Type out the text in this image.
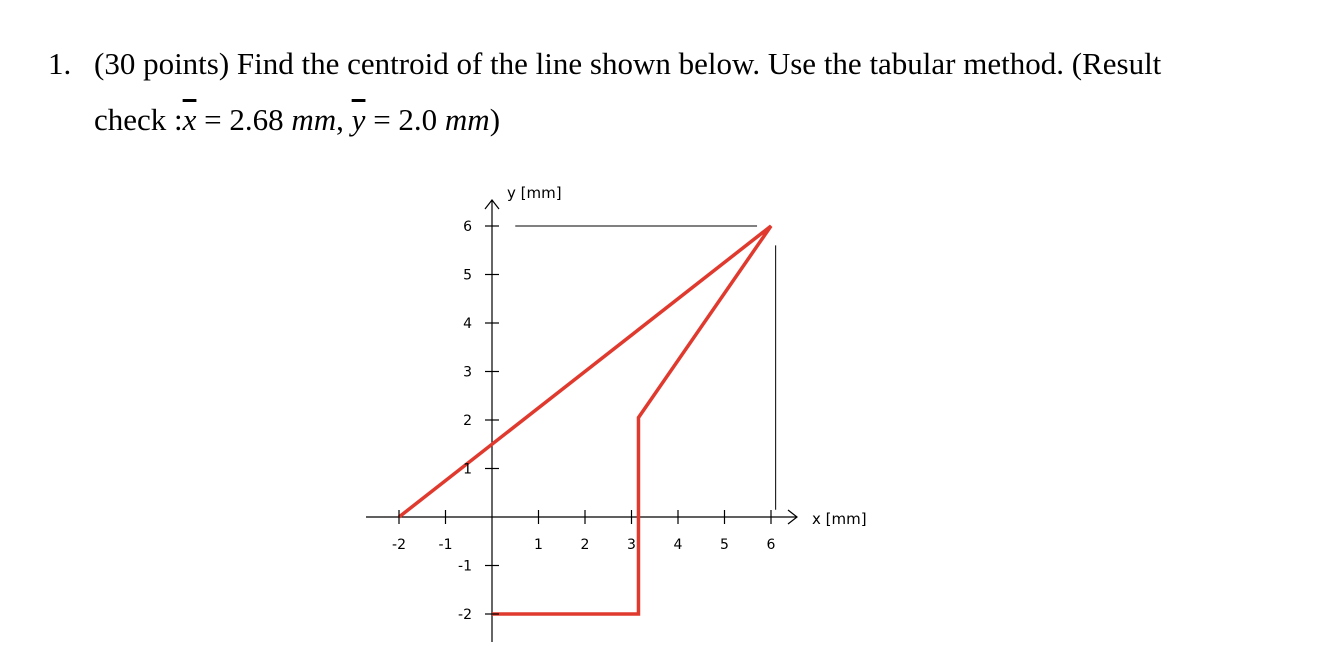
1. (30 points) Find the centroid of the line shown below. Use the tabular method. (Result
check $:\overline{x} = 2.68$ mm, $\overline{y} = 2.0$ mm)
-2 -1	1	2	3	4	5	6
-2
-1
1
2
3
4
5
6
x [mm]
y [mm]
